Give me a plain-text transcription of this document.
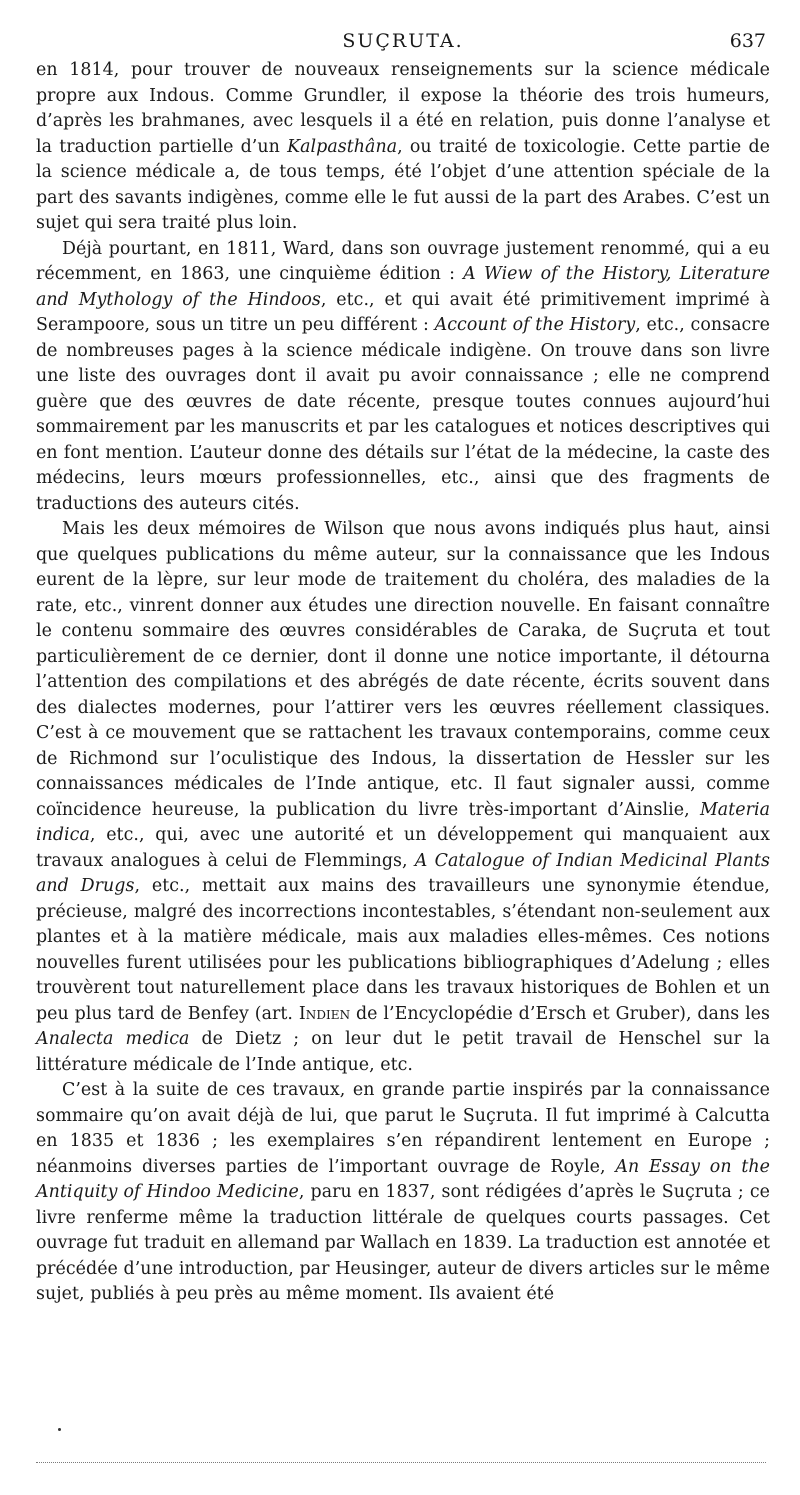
SUÇRUTA.	637

en 1814, pour trouver de nouveaux renseignements sur la science médicale propre aux Indous. Comme Grundler, il expose la théorie des trois humeurs, d’après les brahmanes, avec lesquels il a été en relation, puis donne l’analyse et la traduction partielle d’un Kalpasthâna, ou traité de toxicologie. Cette partie de la science médicale a, de tous temps, été l’objet d’une attention spéciale de la part des savants indigènes, comme elle le fut aussi de la part des Arabes. C’est un sujet qui sera traité plus loin.

Déjà pourtant, en 1811, Ward, dans son ouvrage justement renommé, qui a eu récemment, en 1863, une cinquième édition : A Wiew of the History, Literature and Mythology of the Hindoos, etc., et qui avait été primitivement imprimé à Serampoore, sous un titre un peu différent : Account of the History, etc., consacre de nombreuses pages à la science médicale indigène. On trouve dans son livre une liste des ouvrages dont il avait pu avoir connaissance ; elle ne comprend guère que des œuvres de date récente, presque toutes connues aujourd’hui sommairement par les manuscrits et par les catalogues et notices descriptives qui en font mention. L’auteur donne des détails sur l’état de la médecine, la caste des médecins, leurs mœurs professionnelles, etc., ainsi que des fragments de traductions des auteurs cités.

Mais les deux mémoires de Wilson que nous avons indiqués plus haut, ainsi que quelques publications du même auteur, sur la connaissance que les Indous eurent de la lèpre, sur leur mode de traitement du choléra, des maladies de la rate, etc., vinrent donner aux études une direction nouvelle. En faisant connaître le contenu sommaire des œuvres considérables de Caraka, de Suçruta et tout particulièrement de ce dernier, dont il donne une notice importante, il détourna l’attention des compilations et des abrégés de date récente, écrits souvent dans des dialectes modernes, pour l’attirer vers les œuvres réellement classiques. C’est à ce mouvement que se rattachent les travaux contemporains, comme ceux de Richmond sur l’oculistique des Indous, la dissertation de Hessler sur les connaissances médicales de l’Inde antique, etc. Il faut signaler aussi, comme coïncidence heureuse, la publication du livre très-important d’Ainslie, Materia indica, etc., qui, avec une autorité et un développement qui manquaient aux travaux analogues à celui de Flemmings, A Catalogue of Indian Medicinal Plants and Drugs, etc., mettait aux mains des travailleurs une synonymie étendue, précieuse, malgré des incorrections incontestables, s’étendant non-seulement aux plantes et à la matière médicale, mais aux maladies elles-mêmes. Ces notions nouvelles furent utilisées pour les publications bibliographiques d’Adelung ; elles trouvèrent tout naturellement place dans les travaux historiques de Bohlen et un peu plus tard de Benfey (art. Indien de l’Encyclopédie d’Ersch et Gruber), dans les Analecta medica de Dietz ; on leur dut le petit travail de Henschel sur la littérature médicale de l’Inde antique, etc.

C’est à la suite de ces travaux, en grande partie inspirés par la connaissance sommaire qu’on avait déjà de lui, que parut le Suçruta. Il fut imprimé à Calcutta en 1835 et 1836 ; les exemplaires s’en répandirent lentement en Europe ; néanmoins diverses parties de l’important ouvrage de Royle, An Essay on the Antiquity of Hindoo Medicine, paru en 1837, sont rédigées d’après le Suçruta ; ce livre renferme même la traduction littérale de quelques courts passages. Cet ouvrage fut traduit en allemand par Wallach en 1839. La traduction est annotée et précédée d’une introduction, par Heusinger, auteur de divers articles sur le même sujet, publiés à peu près au même moment. Ils avaient été
